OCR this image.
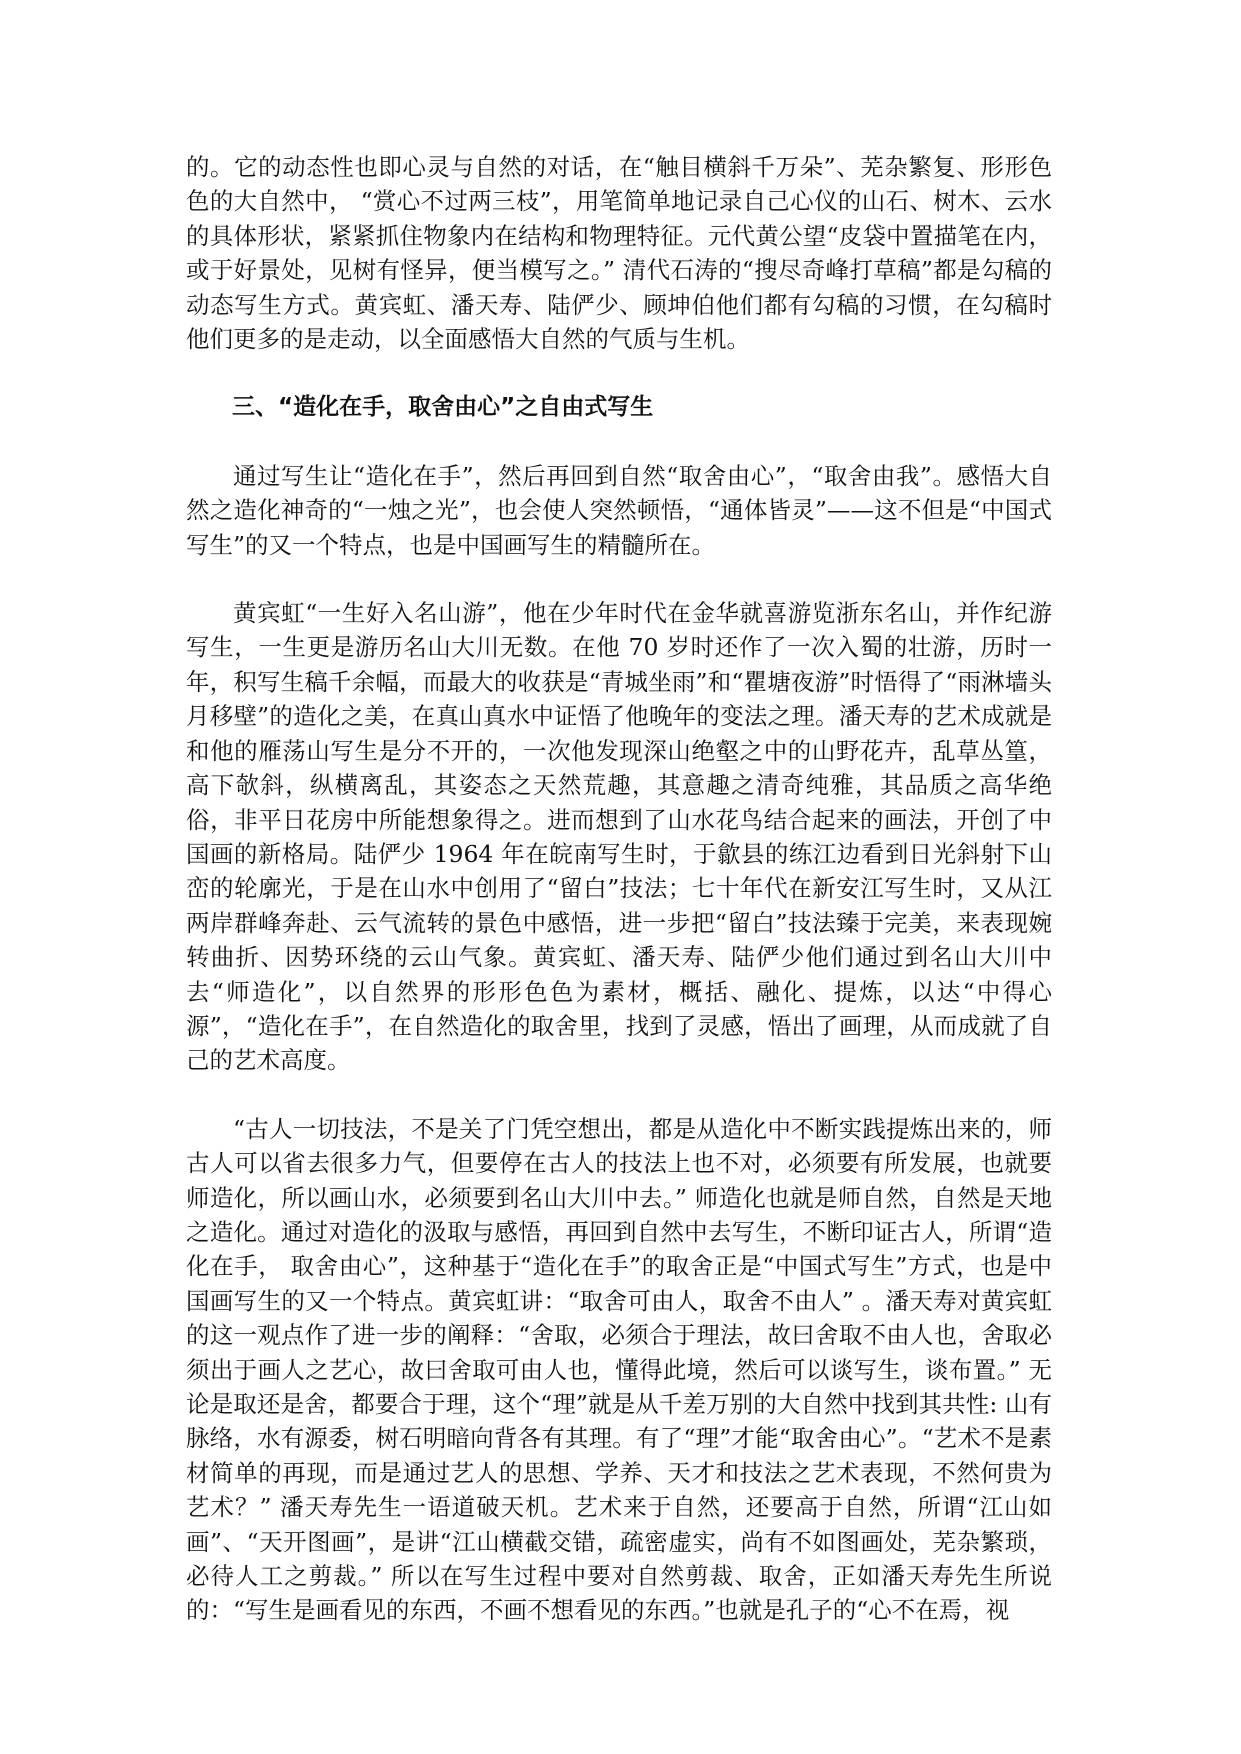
的。它的动态性也即心灵与自然的对话，在“触目横斜千万朵”、芜杂繁复、形形色色的大自然中， “赏心不过两三枝”，用笔简单地记录自己心仪的山石、树木、云水的具体形状，紧紧抓住物象内在结构和物理特征。元代黄公望“皮袋中置描笔在内，或于好景处，见树有怪异，便当模写之。” 清代石涛的“搜尽奇峰打草稿”都是勾稿的动态写生方式。黄宾虹、潘天寿、陆俨少、顾坤伯他们都有勾稿的习惯，在勾稿时他们更多的是走动，以全面感悟大自然的气质与生机。

三、“造化在手，取舍由心”之自由式写生

通过写生让“造化在手”，然后再回到自然“取舍由心”，“取舍由我”。感悟大自然之造化神奇的“一烛之光”，也会使人突然顿悟，“通体皆灵”——这不但是“中国式写生”的又一个特点，也是中国画写生的精髓所在。

黄宾虹“一生好入名山游”，他在少年时代在金华就喜游览浙东名山，并作纪游写生，一生更是游历名山大川无数。在他 70 岁时还作了一次入蜀的壮游，历时一年，积写生稿千余幅，而最大的收获是“青城坐雨”和“瞿塘夜游”时悟得了“雨淋墙头月移壁”的造化之美，在真山真水中证悟了他晚年的变法之理。潘天寿的艺术成就是和他的雁荡山写生是分不开的，一次他发现深山绝壑之中的山野花卉，乱草丛篁，高下欹斜，纵横离乱，其姿态之天然荒趣，其意趣之清奇纯雅，其品质之高华绝俗，非平日花房中所能想象得之。进而想到了山水花鸟结合起来的画法，开创了中国画的新格局。陆俨少 1964 年在皖南写生时，于歙县的练江边看到日光斜射下山峦的轮廓光，于是在山水中创用了“留白”技法；七十年代在新安江写生时，又从江两岸群峰奔赴、云气流转的景色中感悟，进一步把“留白”技法臻于完美，来表现婉转曲折、因势环绕的云山气象。黄宾虹、潘天寿、陆俨少他们通过到名山大川中去“师造化”，以自然界的形形色色为素材，概括、融化、提炼，以达“中得心源”，“造化在手”，在自然造化的取舍里，找到了灵感，悟出了画理，从而成就了自己的艺术高度。

“古人一切技法，不是关了门凭空想出，都是从造化中不断实践提炼出来的，师古人可以省去很多力气，但要停在古人的技法上也不对，必须要有所发展，也就要师造化，所以画山水，必须要到名山大川中去。” 师造化也就是师自然，自然是天地之造化。通过对造化的汲取与感悟，再回到自然中去写生，不断印证古人，所谓“造化在手， 取舍由心”，这种基于“造化在手”的取舍正是“中国式写生”方式，也是中国画写生的又一个特点。黄宾虹讲：“取舍可由人，取舍不由人” 。潘天寿对黄宾虹的这一观点作了进一步的阐释：“舍取，必须合于理法，故曰舍取不由人也，舍取必须出于画人之艺心，故曰舍取可由人也，懂得此境，然后可以谈写生，谈布置。” 无论是取还是舍，都要合于理，这个“理”就是从千差万别的大自然中找到其共性: 山有脉络，水有源委，树石明暗向背各有其理。有了“理”才能“取舍由心”。“艺术不是素材简单的再现，而是通过艺人的思想、学养、天才和技法之艺术表现，不然何贵为艺术？” 潘天寿先生一语道破天机。艺术来于自然，还要高于自然，所谓“江山如画”、“天开图画”，是讲“江山横截交错，疏密虚实，尚有不如图画处，芜杂繁琐，必待人工之剪裁。” 所以在写生过程中要对自然剪裁、取舍，正如潘天寿先生所说的：“写生是画看见的东西，不画不想看见的东西。”也就是孔子的“心不在焉，视
